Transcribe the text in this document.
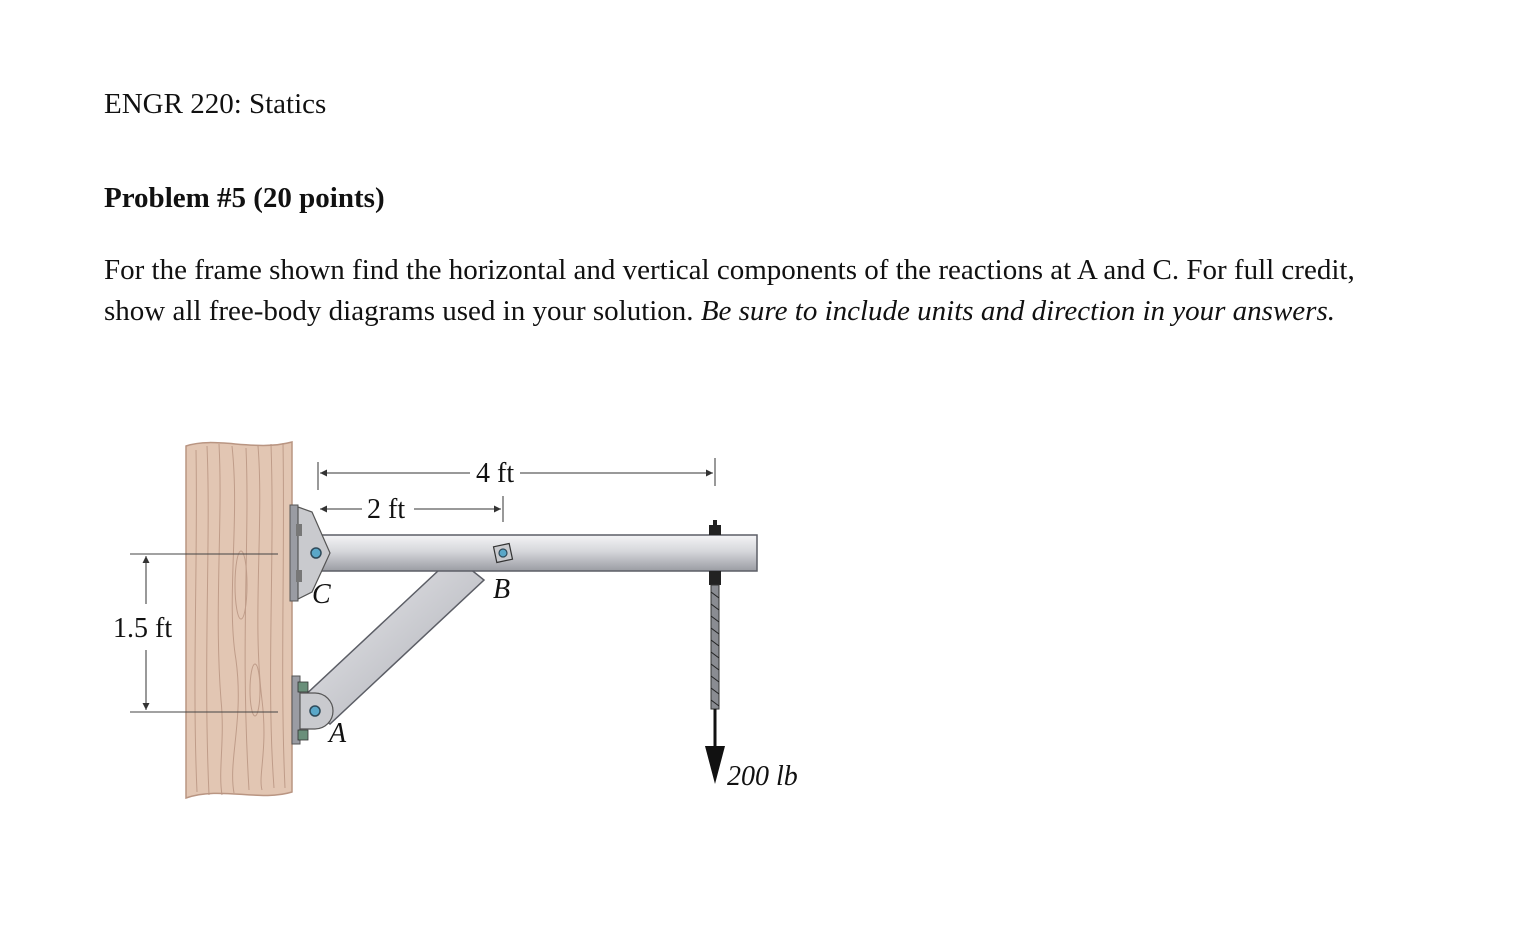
ENGR 220: Statics
Problem #5 (20 points)
For the frame shown find the horizontal and vertical components of the reactions at A and C. For full credit, show all free-body diagrams used in your solution. Be sure to include units and direction in your answers.
1.5 ft
200 lb
4 ft
2 ft
C	B
A
